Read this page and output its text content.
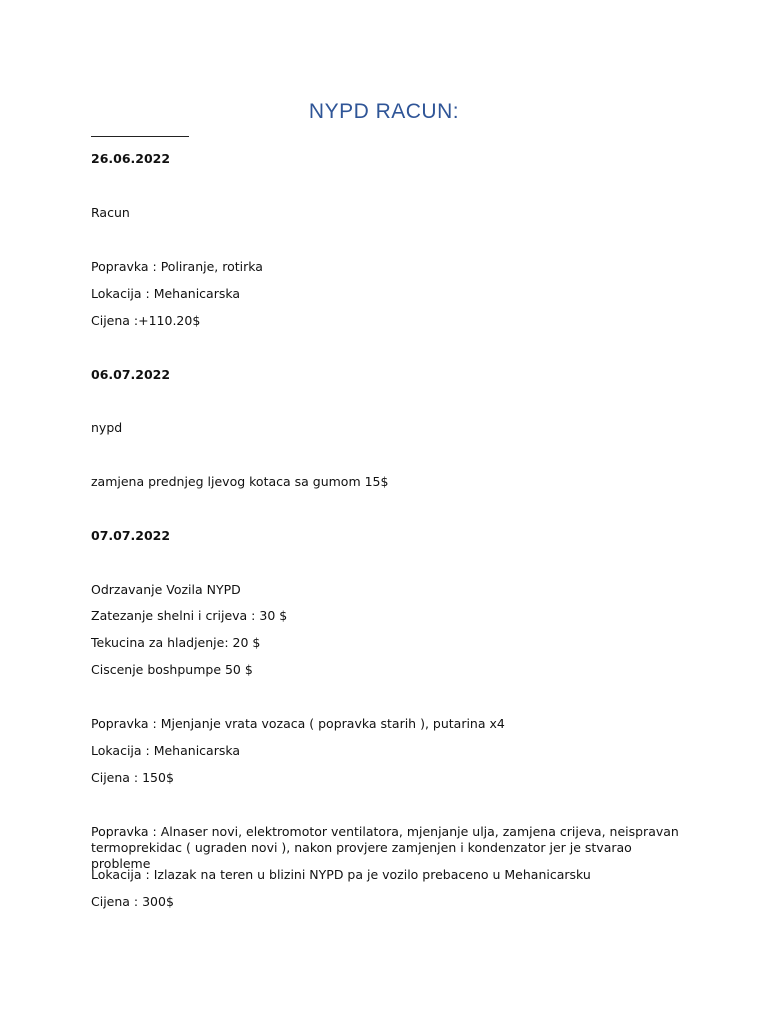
NYPD RACUN:
26.06.2022
Racun
Popravka : Poliranje, rotirka
Lokacija : Mehanicarska
Cijena :+110.20$
06.07.2022
nypd
zamjena prednjeg ljevog kotaca sa gumom 15$
07.07.2022
Odrzavanje Vozila NYPD
Zatezanje shelni i crijeva : 30 $
Tekucina za hladjenje: 20 $
Ciscenje boshpumpe 50 $
Popravka : Mjenjanje vrata vozaca ( popravka starih ), putarina x4
Lokacija : Mehanicarska
Cijena : 150$
Popravka : Alnaser novi, elektromotor ventilatora, mjenjanje ulja, zamjena crijeva, neispravan termoprekidac ( ugraden novi ), nakon provjere zamjenjen i kondenzator jer je stvarao probleme
Lokacija : Izlazak na teren u blizini NYPD pa je vozilo prebaceno u Mehanicarsku
Cijena : 300$
